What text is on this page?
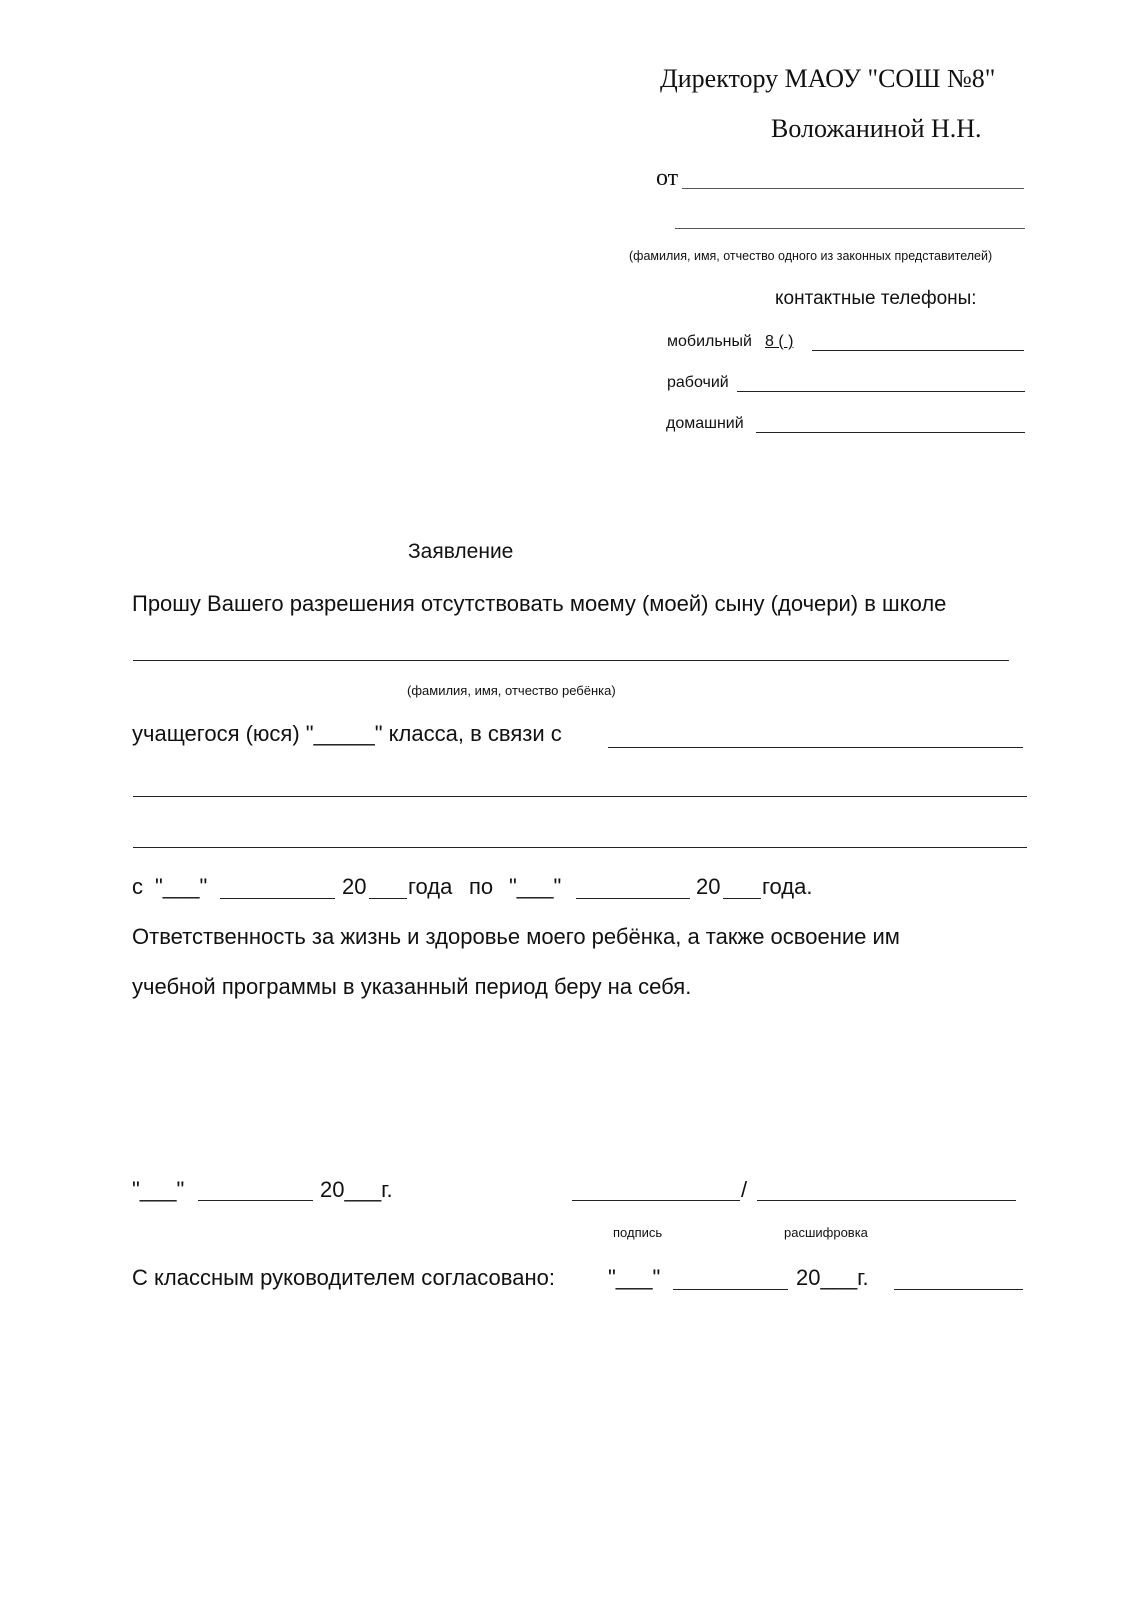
Директору МАОУ "СОШ №8"
Воложаниной Н.Н.
от
(фамилия, имя, отчество одного из законных представителей)
контактные телефоны:
мобильный 8 ( )
рабочий
домашний
Заявление
Прошу Вашего разрешения отсутствовать моему (моей) сыну (дочери) в школе
(фамилия, имя, отчество ребёнка)
учащегося (юся) "_____" класса, в связи с
с "___"	20 года по "___"	20 года.
Ответственность за жизнь и здоровье моего ребёнка, а также освоение им
учебной программы в указанный период беру на себя.
"___"	20___г.	/
подпись	расшифровка
С классным руководителем согласовано: "___"	20___г.
